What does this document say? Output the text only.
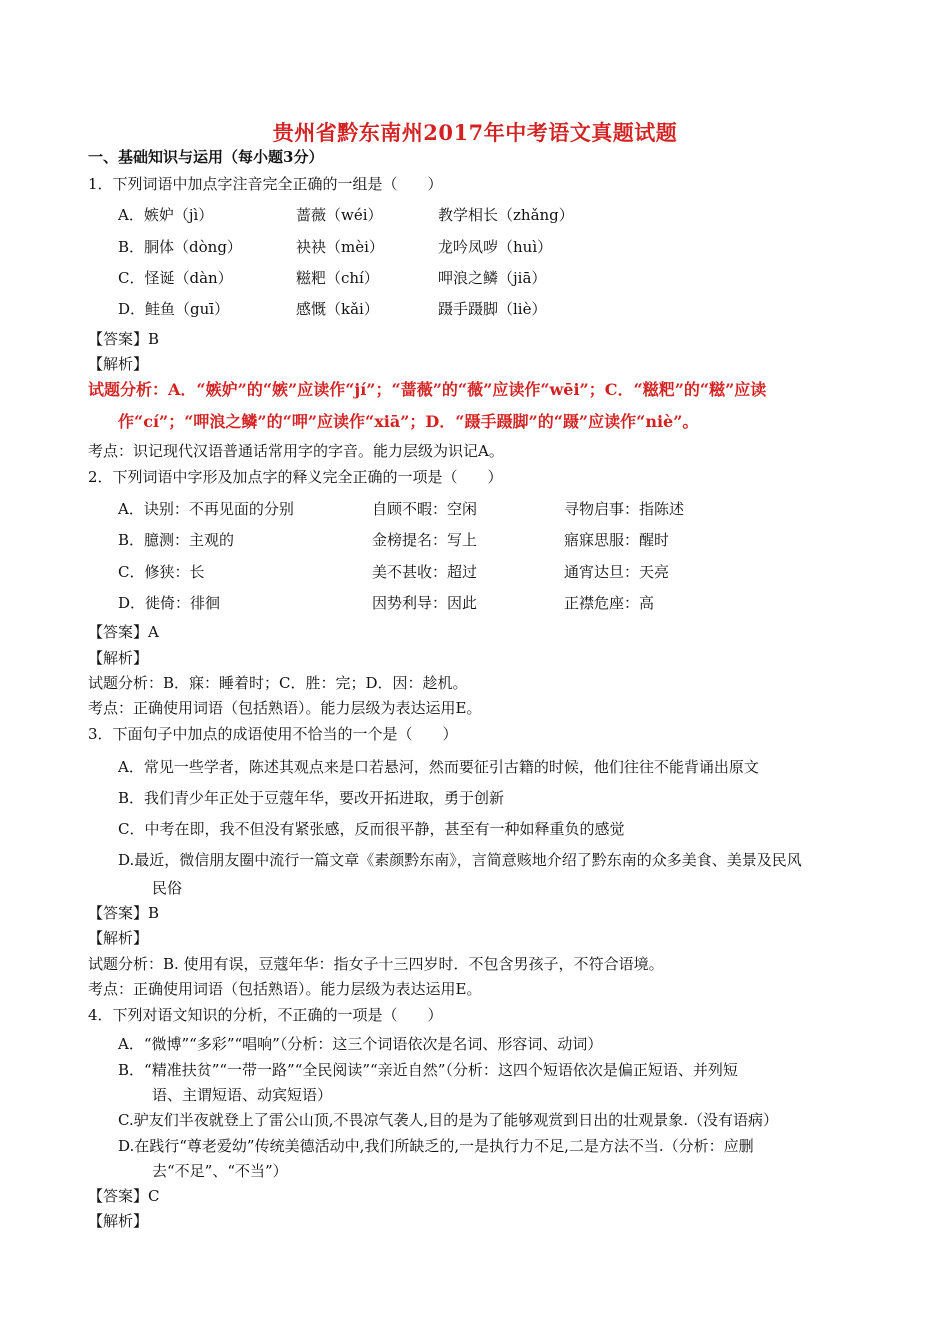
贵州省黔东南州2017年中考语文真题试题
一、基础知识与运用（每小题3分）
1．下列词语中加点字注音完全正确的一组是（　　）
A．嫉妒（jì）	蔷薇（wéi）	教学相长（zhǎng）
B．胴体（dòng）	袂袂（mèi）	龙吟凤哕（huì）
C．怪诞（dàn）	糍粑（chí）	呷浪之鳞（jiā）
D．鲑鱼（guī）	感慨（kǎi）	蹑手蹑脚（liè）
【答案】B
【解析】
试题分析：A．“嫉妒”的“嫉”应读作“jí”；“蔷薇”的“薇”应读作“wēi”；C．“糍粑”的“糍”应读
作“cí”；“呷浪之鳞”的“呷”应读作“xiā”；D．“蹑手蹑脚”的“蹑”应读作“niè”。
考点：识记现代汉语普通话常用字的字音。能力层级为识记A。
2．下列词语中字形及加点字的释义完全正确的一项是（　　）
A．诀别：不再见面的分别	自顾不暇：空闲	寻物启事：指陈述
B．臆测：主观的	金榜提名：写上	寤寐思服：醒时
C．修狭：长	美不甚收：超过	通宵达旦：天亮
D．徙倚：徘徊	因势利导：因此	正襟危座：高
【答案】A
【解析】
试题分析：B．寐：睡着时；C．胜：完；D．因：趁机。
考点：正确使用词语（包括熟语）。能力层级为表达运用E。
3．下面句子中加点的成语使用不恰当的一个是（　　）
A．常见一些学者，陈述其观点来是口若悬河，然而要征引古籍的时候，他们往往不能背诵出原文
B．我们青少年正处于豆蔻年华，要改开拓进取，勇于创新
C．中考在即，我不但没有紧张感，反而很平静，甚至有一种如释重负的感觉
D.最近，微信朋友圈中流行一篇文章《素颜黔东南》，言简意赅地介绍了黔东南的众多美食、美景及民风
民俗
【答案】B
【解析】
试题分析：B. 使用有误，豆蔻年华：指女子十三四岁时．不包含男孩子，不符合语境。
考点：正确使用词语（包括熟语）。能力层级为表达运用E。
4．下列对语文知识的分析，不正确的一项是（　　）
A．“微博”“多彩”“唱响”（分析：这三个词语依次是名词、形容词、动词）
B．“精准扶贫”“一带一路”“全民阅读”“亲近自然”（分析：这四个短语依次是偏正短语、并列短
语、主谓短语、动宾短语）
C.驴友们半夜就登上了雷公山顶,不畏凉气袭人,目的是为了能够观赏到日出的壮观景象.（没有语病）
D.在践行“尊老爱幼”传统美德活动中,我们所缺乏的,一是执行力不足,二是方法不当.（分析：应删
去“不足”、“不当”）
【答案】C
【解析】
